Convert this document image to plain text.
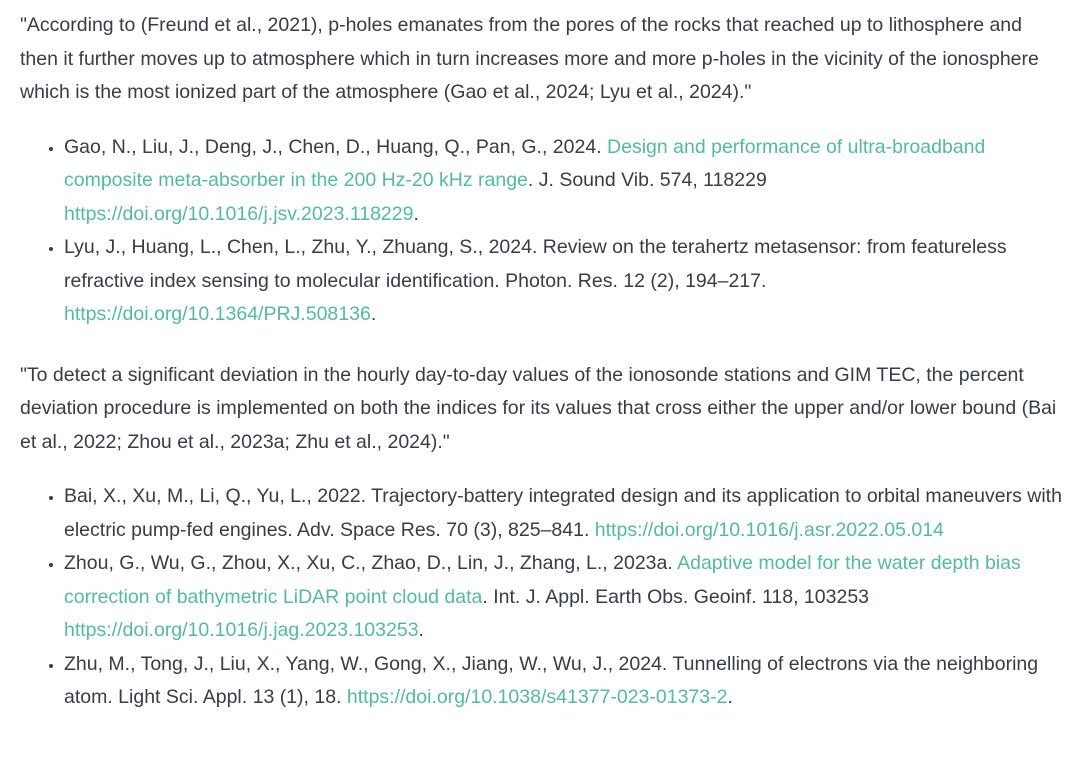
"According to (Freund et al., 2021), p-holes emanates from the pores of the rocks that reached up to lithosphere and then it further moves up to atmosphere which in turn increases more and more p-holes in the vicinity of the ionosphere which is the most ionized part of the atmosphere (Gao et al., 2024; Lyu et al., 2024)."

• Gao, N., Liu, J., Deng, J., Chen, D., Huang, Q., Pan, G., 2024. Design and performance of ultra-broadband composite meta-absorber in the 200 Hz-20 kHz range. J. Sound Vib. 574, 118229 https://doi.org/10.1016/j.jsv.2023.118229.
• Lyu, J., Huang, L., Chen, L., Zhu, Y., Zhuang, S., 2024. Review on the terahertz metasensor: from featureless refractive index sensing to molecular identification. Photon. Res. 12 (2), 194–217. https://doi.org/10.1364/PRJ.508136.

"To detect a significant deviation in the hourly day-to-day values of the ionosonde stations and GIM TEC, the percent deviation procedure is implemented on both the indices for its values that cross either the upper and/or lower bound (Bai et al., 2022; Zhou et al., 2023a; Zhu et al., 2024)."

• Bai, X., Xu, M., Li, Q., Yu, L., 2022. Trajectory-battery integrated design and its application to orbital maneuvers with electric pump-fed engines. Adv. Space Res. 70 (3), 825–841. https://doi.org/10.1016/j.asr.2022.05.014
• Zhou, G., Wu, G., Zhou, X., Xu, C., Zhao, D., Lin, J., Zhang, L., 2023a. Adaptive model for the water depth bias correction of bathymetric LiDAR point cloud data. Int. J. Appl. Earth Obs. Geoinf. 118, 103253 https://doi.org/10.1016/j.jag.2023.103253.
• Zhu, M., Tong, J., Liu, X., Yang, W., Gong, X., Jiang, W., Wu, J., 2024. Tunnelling of electrons via the neighboring atom. Light Sci. Appl. 13 (1), 18. https://doi.org/10.1038/s41377-023-01373-2.
